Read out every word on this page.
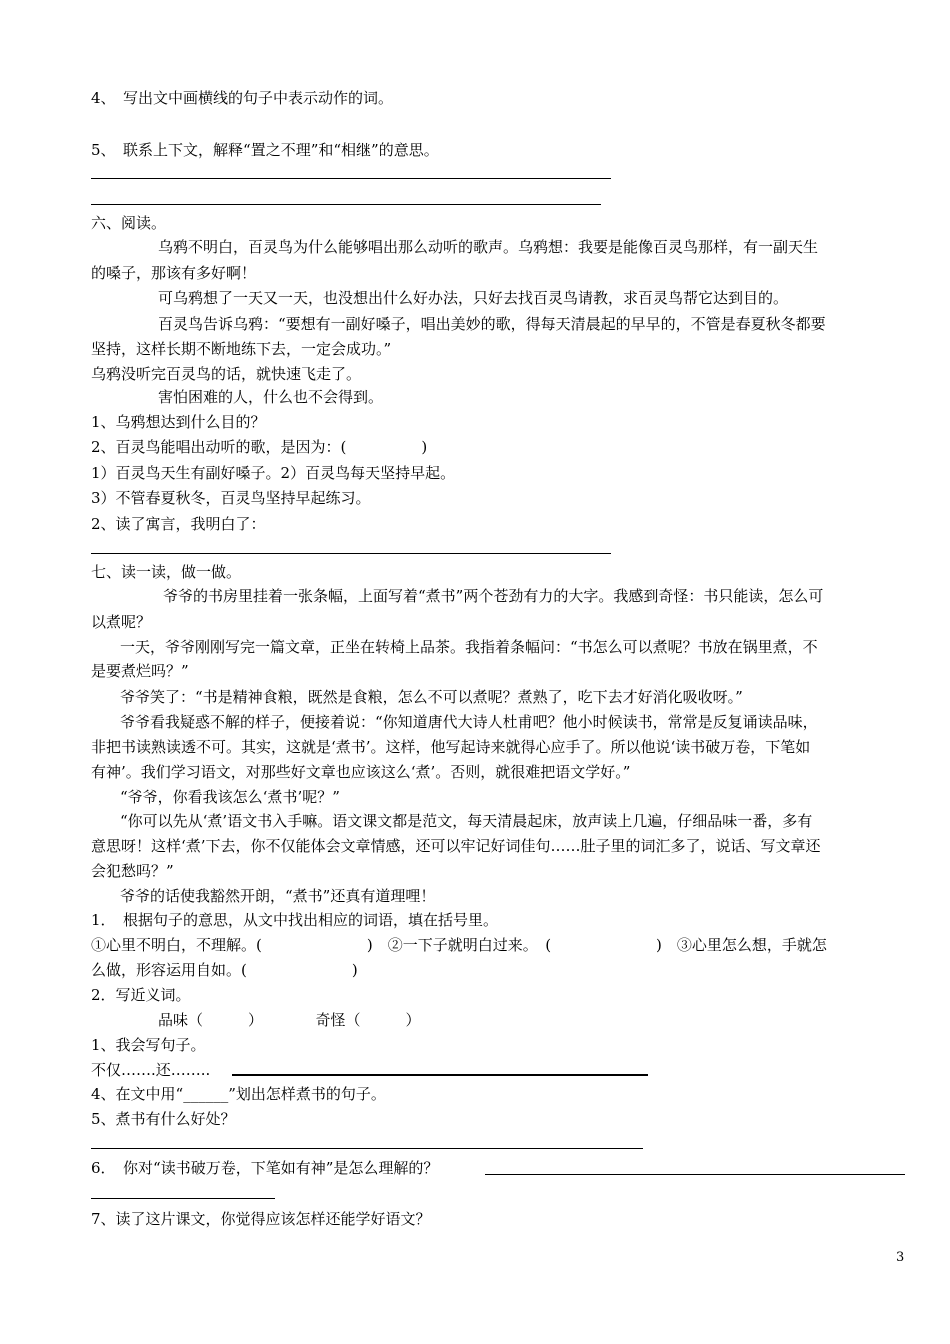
4、　写出文中画横线的句子中表示动作的词。
5、　联系上下文，解释“置之不理”和“相继”的意思。
六、阅读。
乌鸦不明白，百灵鸟为什么能够唱出那么动听的歌声。乌鸦想：我要是能像百灵鸟那样，有一副天生
的嗓子，那该有多好啊！
可乌鸦想了一天又一天，也没想出什么好办法，只好去找百灵鸟请教，求百灵鸟帮它达到目的。
百灵鸟告诉乌鸦：“要想有一副好嗓子，唱出美妙的歌，得每天清晨起的早早的，不管是春夏秋冬都要
坚持，这样长期不断地练下去，一定会成功。”
乌鸦没听完百灵鸟的话，就快速飞走了。
害怕困难的人，什么也不会得到。
1、乌鸦想达到什么目的？
2、百灵鸟能唱出动听的歌，是因为：(　　　　　)
1）百灵鸟天生有副好嗓子。2）百灵鸟每天坚持早起。
3）不管春夏秋冬，百灵鸟坚持早起练习。
2、读了寓言，我明白了：
七、读一读，做一做。
爷爷的书房里挂着一张条幅，上面写着“煮书”两个苍劲有力的大字。我感到奇怪：书只能读，怎么可
以煮呢？
一天，爷爷刚刚写完一篇文章，正坐在转椅上品茶。我指着条幅问：“书怎么可以煮呢？书放在锅里煮，不
是要煮烂吗？”
爷爷笑了：“书是精神食粮，既然是食粮，怎么不可以煮呢？煮熟了，吃下去才好消化吸收呀。”
爷爷看我疑惑不解的样子，便接着说：“你知道唐代大诗人杜甫吧？他小时候读书，常常是反复诵读品味，
非把书读熟读透不可。其实，这就是‘煮书’。这样，他写起诗来就得心应手了。所以他说‘读书破万卷，下笔如
有神’。我们学习语文，对那些好文章也应该这么‘煮’。否则，就很难把语文学好。”
“爷爷，你看我该怎么‘煮书’呢？”
“你可以先从‘煮’语文书入手嘛。语文课文都是范文，每天清晨起床，放声读上几遍，仔细品味一番，多有
意思呀！这样‘煮’下去，你不仅能体会文章情感，还可以牢记好词佳句……肚子里的词汇多了，说话、写文章还
会犯愁吗？”
爷爷的话使我豁然开朗，“煮书”还真有道理哩！
1．　根据句子的意思，从文中找出相应的词语，填在括号里。
①心里不明白，不理解。(　　　　　　　)　②一下子就明白过来。　(　　　　　　　)　③心里怎么想，手就怎
么做，形容运用自如。(　　　　　　　)
2．写近义词。
品味（　　　）　　　　奇怪（　　　）
1、我会写句子。
不仅…….还……..
4、在文中用“______”划出怎样煮书的句子。
5、煮书有什么好处？
6．　你对“读书破万卷，下笔如有神”是怎么理解的？
7、读了这片课文，你觉得应该怎样还能学好语文？
3
